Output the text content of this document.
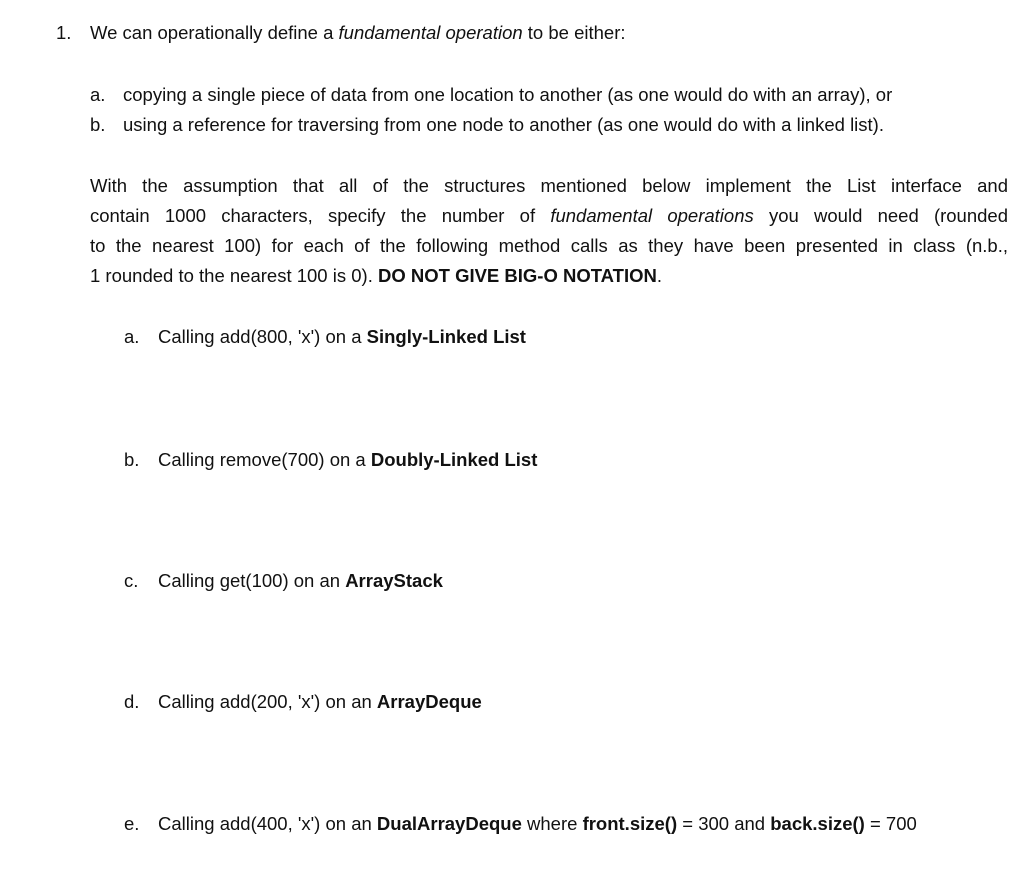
1. We can operationally define a fundamental operation to be either:
a. copying a single piece of data from one location to another (as one would do with an array), or
b. using a reference for traversing from one node to another (as one would do with a linked list).
With the assumption that all of the structures mentioned below implement the List interface and
contain 1000 characters, specify the number of fundamental operations you would need (rounded
to the nearest 100) for each of the following method calls as they have been presented in class (n.b.,
1 rounded to the nearest 100 is 0). DO NOT GIVE BIG-O NOTATION.
a. Calling add(800, 'x') on a Singly-Linked List
b. Calling remove(700) on a Doubly-Linked List
c. Calling get(100) on an ArrayStack
d. Calling add(200, 'x') on an ArrayDeque
e. Calling add(400, 'x') on an DualArrayDeque where front.size() = 300 and back.size() = 700
